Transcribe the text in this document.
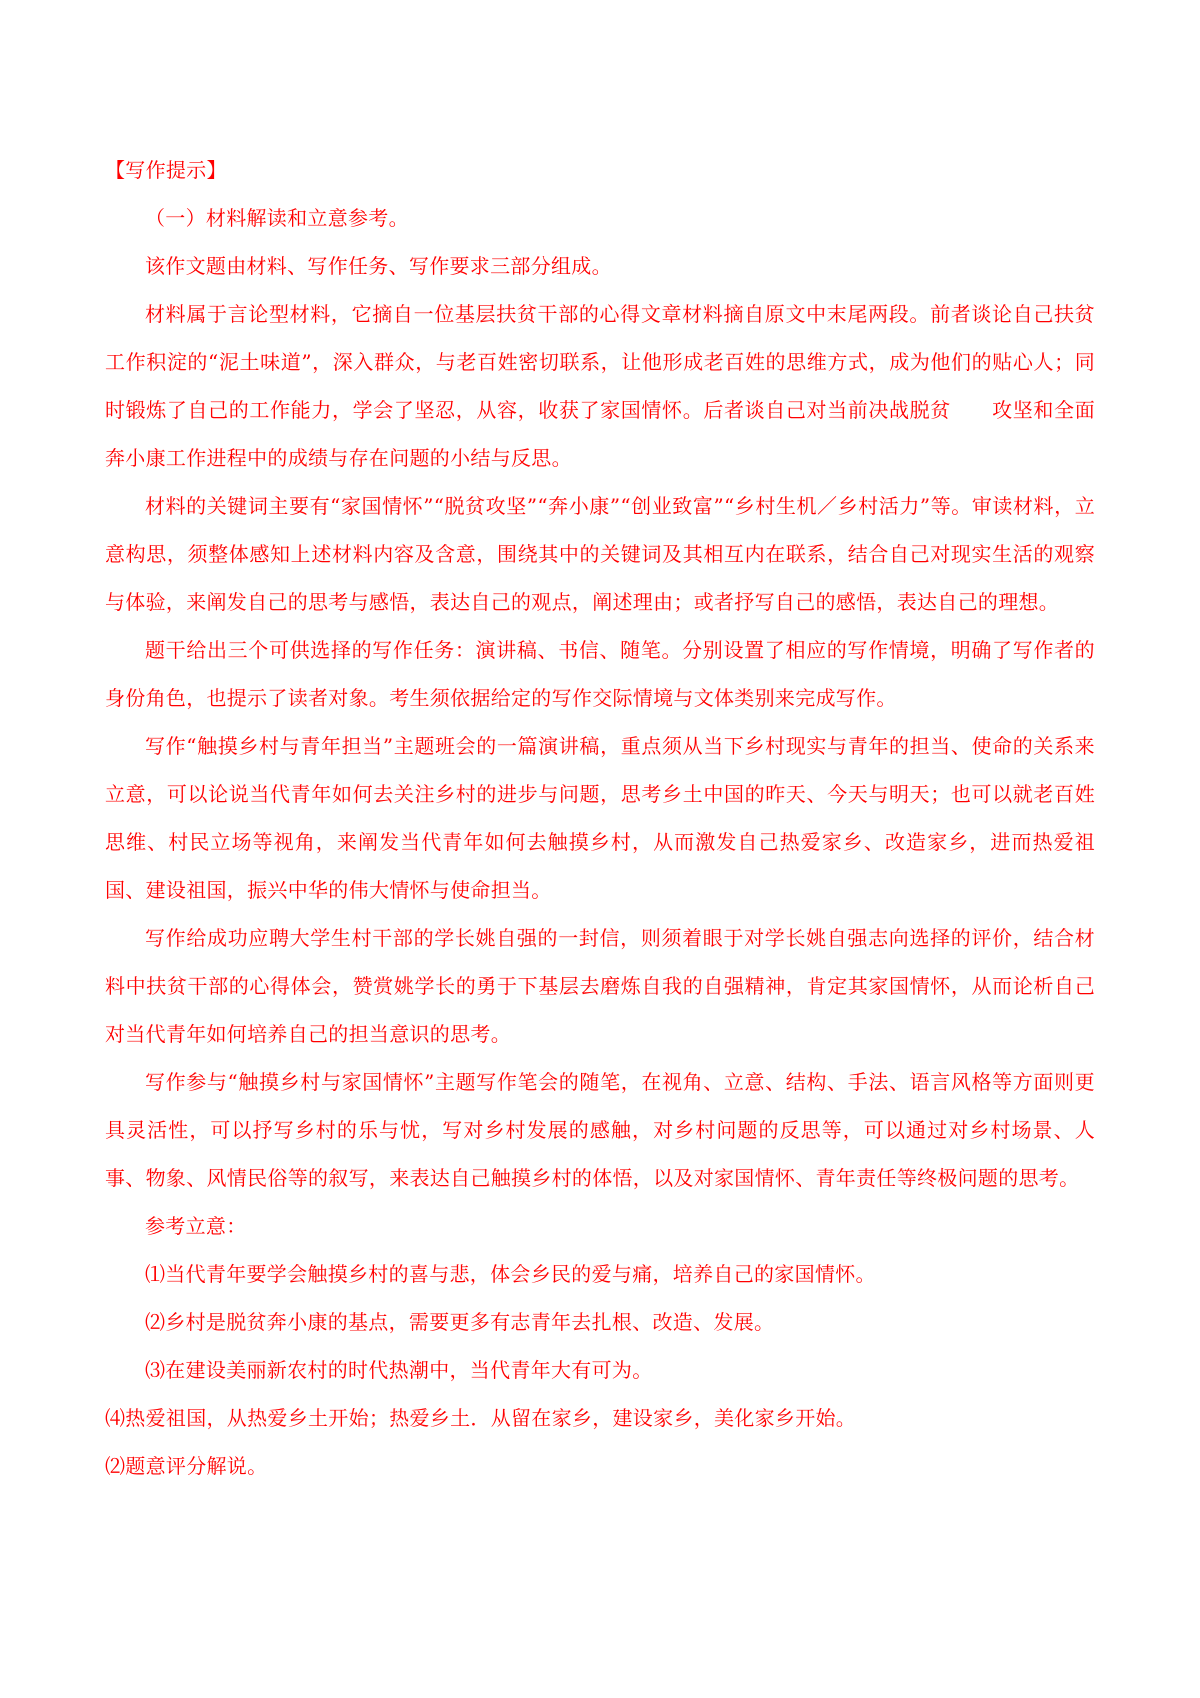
【写作提示】

（一）材料解读和立意参考。

该作文题由材料、写作任务、写作要求三部分组成。

材料属于言论型材料，它摘自一位基层扶贫干部的心得文章材料摘自原文中末尾两段。前者谈论自己扶贫工作积淀的“泥土味道”，深入群众，与老百姓密切联系，让他形成老百姓的思维方式，成为他们的贴心人；同时锻炼了自己的工作能力，学会了坚忍，从容，收获了家国情怀。后者谈自己对当前决战脱贫　　攻坚和全面奔小康工作进程中的成绩与存在问题的小结与反思。

材料的关键词主要有“家国情怀”“脱贫攻坚”“奔小康”“创业致富”“乡村生机／乡村活力”等。审读材料，立意构思，须整体感知上述材料内容及含意，围绕其中的关键词及其相互内在联系，结合自己对现实生活的观察与体验，来阐发自己的思考与感悟，表达自己的观点，阐述理由；或者抒写自己的感悟，表达自己的理想。

题干给出三个可供选择的写作任务：演讲稿、书信、随笔。分别设置了相应的写作情境，明确了写作者的身份角色，也提示了读者对象。考生须依据给定的写作交际情境与文体类别来完成写作。

写作“触摸乡村与青年担当”主题班会的一篇演讲稿，重点须从当下乡村现实与青年的担当、使命的关系来立意，可以论说当代青年如何去关注乡村的进步与问题，思考乡土中国的昨天、今天与明天；也可以就老百姓思维、村民立场等视角，来阐发当代青年如何去触摸乡村，从而激发自己热爱家乡、改造家乡，进而热爱祖国、建设祖国，振兴中华的伟大情怀与使命担当。

写作给成功应聘大学生村干部的学长姚自强的一封信，则须着眼于对学长姚自强志向选择的评价，结合材料中扶贫干部的心得体会，赞赏姚学长的勇于下基层去磨炼自我的自强精神，肯定其家国情怀，从而论析自己对当代青年如何培养自己的担当意识的思考。

写作参与“触摸乡村与家国情怀”主题写作笔会的随笔，在视角、立意、结构、手法、语言风格等方面则更具灵活性，可以抒写乡村的乐与忧，写对乡村发展的感触，对乡村问题的反思等，可以通过对乡村场景、人事、物象、风情民俗等的叙写，来表达自己触摸乡村的体悟，以及对家国情怀、青年责任等终极问题的思考。

参考立意：

⑴当代青年要学会触摸乡村的喜与悲，体会乡民的爱与痛，培养自己的家国情怀。

⑵乡村是脱贫奔小康的基点，需要更多有志青年去扎根、改造、发展。

⑶在建设美丽新农村的时代热潮中，当代青年大有可为。

⑷热爱祖国，从热爱乡土开始；热爱乡土．从留在家乡，建设家乡，美化家乡开始。

⑵题意评分解说。
